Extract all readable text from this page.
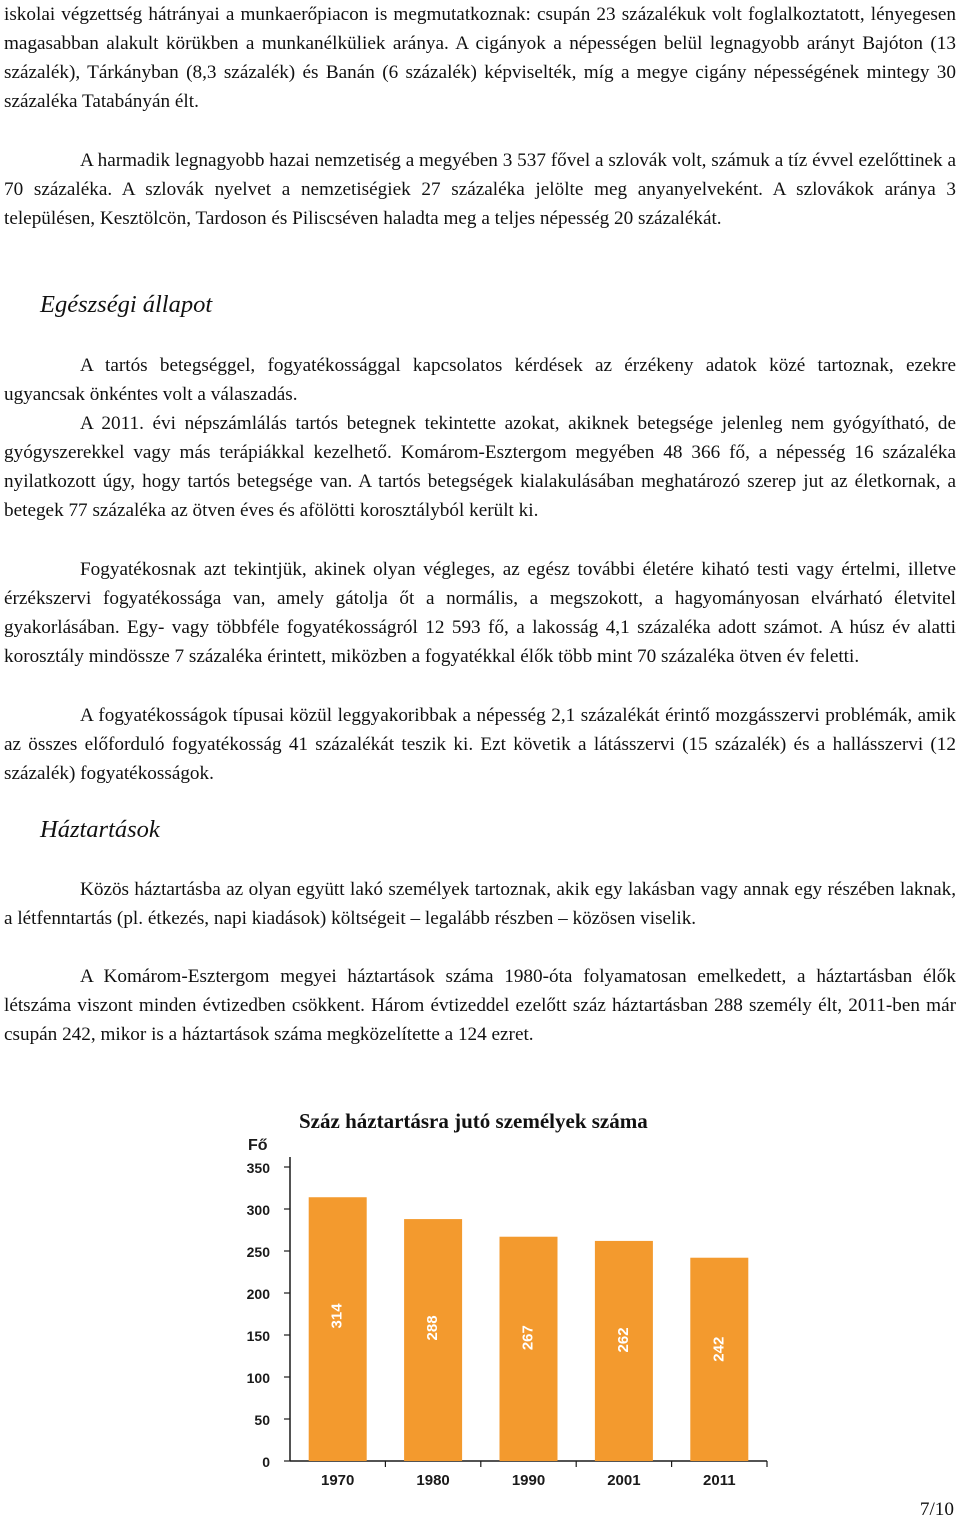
iskolai végzettség hátrányai a munkaerőpiacon is megmutatkoznak: csupán 23 százalékuk volt foglalkoztatott, lényegesen magasabban alakult körükben a munkanélküliek aránya. A cigányok a népességen belül legnagyobb arányt Bajóton (13 százalék), Tárkányban (8,3 százalék) és Banán (6 százalék) képviselték, míg a megye cigány népességének mintegy 30 százaléka Tatabányán élt.

A harmadik legnagyobb hazai nemzetiség a megyében 3 537 fővel a szlovák volt, számuk a tíz évvel ezelőttinek a 70 százaléka. A szlovák nyelvet a nemzetiségiek 27 százaléka jelölte meg anyanyelveként. A szlovákok aránya 3 településen, Kesztölcön, Tardoson és Piliscséven haladta meg a teljes népesség 20 százalékát.

Egészségi állapot

A tartós betegséggel, fogyatékossággal kapcsolatos kérdések az érzékeny adatok közé tartoznak, ezekre ugyancsak önkéntes volt a válaszadás.

A 2011. évi népszámlálás tartós betegnek tekintette azokat, akiknek betegsége jelenleg nem gyógyítható, de gyógyszerekkel vagy más terápiákkal kezelhető. Komárom-Esztergom megyében 48 366 fő, a népesség 16 százaléka nyilatkozott úgy, hogy tartós betegsége van. A tartós betegségek kialakulásában meghatározó szerep jut az életkornak, a betegek 77 százaléka az ötven éves és afölötti korosztályból került ki.

Fogyatékosnak azt tekintjük, akinek olyan végleges, az egész további életére kiható testi vagy értelmi, illetve érzékszervi fogyatékossága van, amely gátolja őt a normális, a megszokott, a hagyományosan elvárható életvitel gyakorlásában. Egy- vagy többféle fogyatékosságról 12 593 fő, a lakosság 4,1 százaléka adott számot. A húsz év alatti korosztály mindössze 7 százaléka érintett, miközben a fogyatékkal élők több mint 70 százaléka ötven év feletti.

A fogyatékosságok típusai közül leggyakoribbak a népesség 2,1 százalékát érintő mozgásszervi problémák, amik az összes előforduló fogyatékosság 41 százalékát teszik ki. Ezt követik a látásszervi (15 százalék) és a hallásszervi (12 százalék) fogyatékosságok.

Háztartások

Közös háztartásba az olyan együtt lakó személyek tartoznak, akik egy lakásban vagy annak egy részében laknak, a létfenntartás (pl. étkezés, napi kiadások) költségeit – legalább részben – közösen viselik.

A Komárom-Esztergom megyei háztartások száma 1980-óta folyamatosan emelkedett, a háztartásban élők létszáma viszont minden évtizedben csökkent. Három évtizeddel ezelőtt száz háztartásban 288 személy élt, 2011-ben már csupán 242, mikor is a háztartások száma megközelítette a 124 ezret.

Száz háztartásra jutó személyek száma
Fő
0
50
100
150
200
250
300
350
1970
314
1980
288
1990
267
2001
262
2011
242
7/10
